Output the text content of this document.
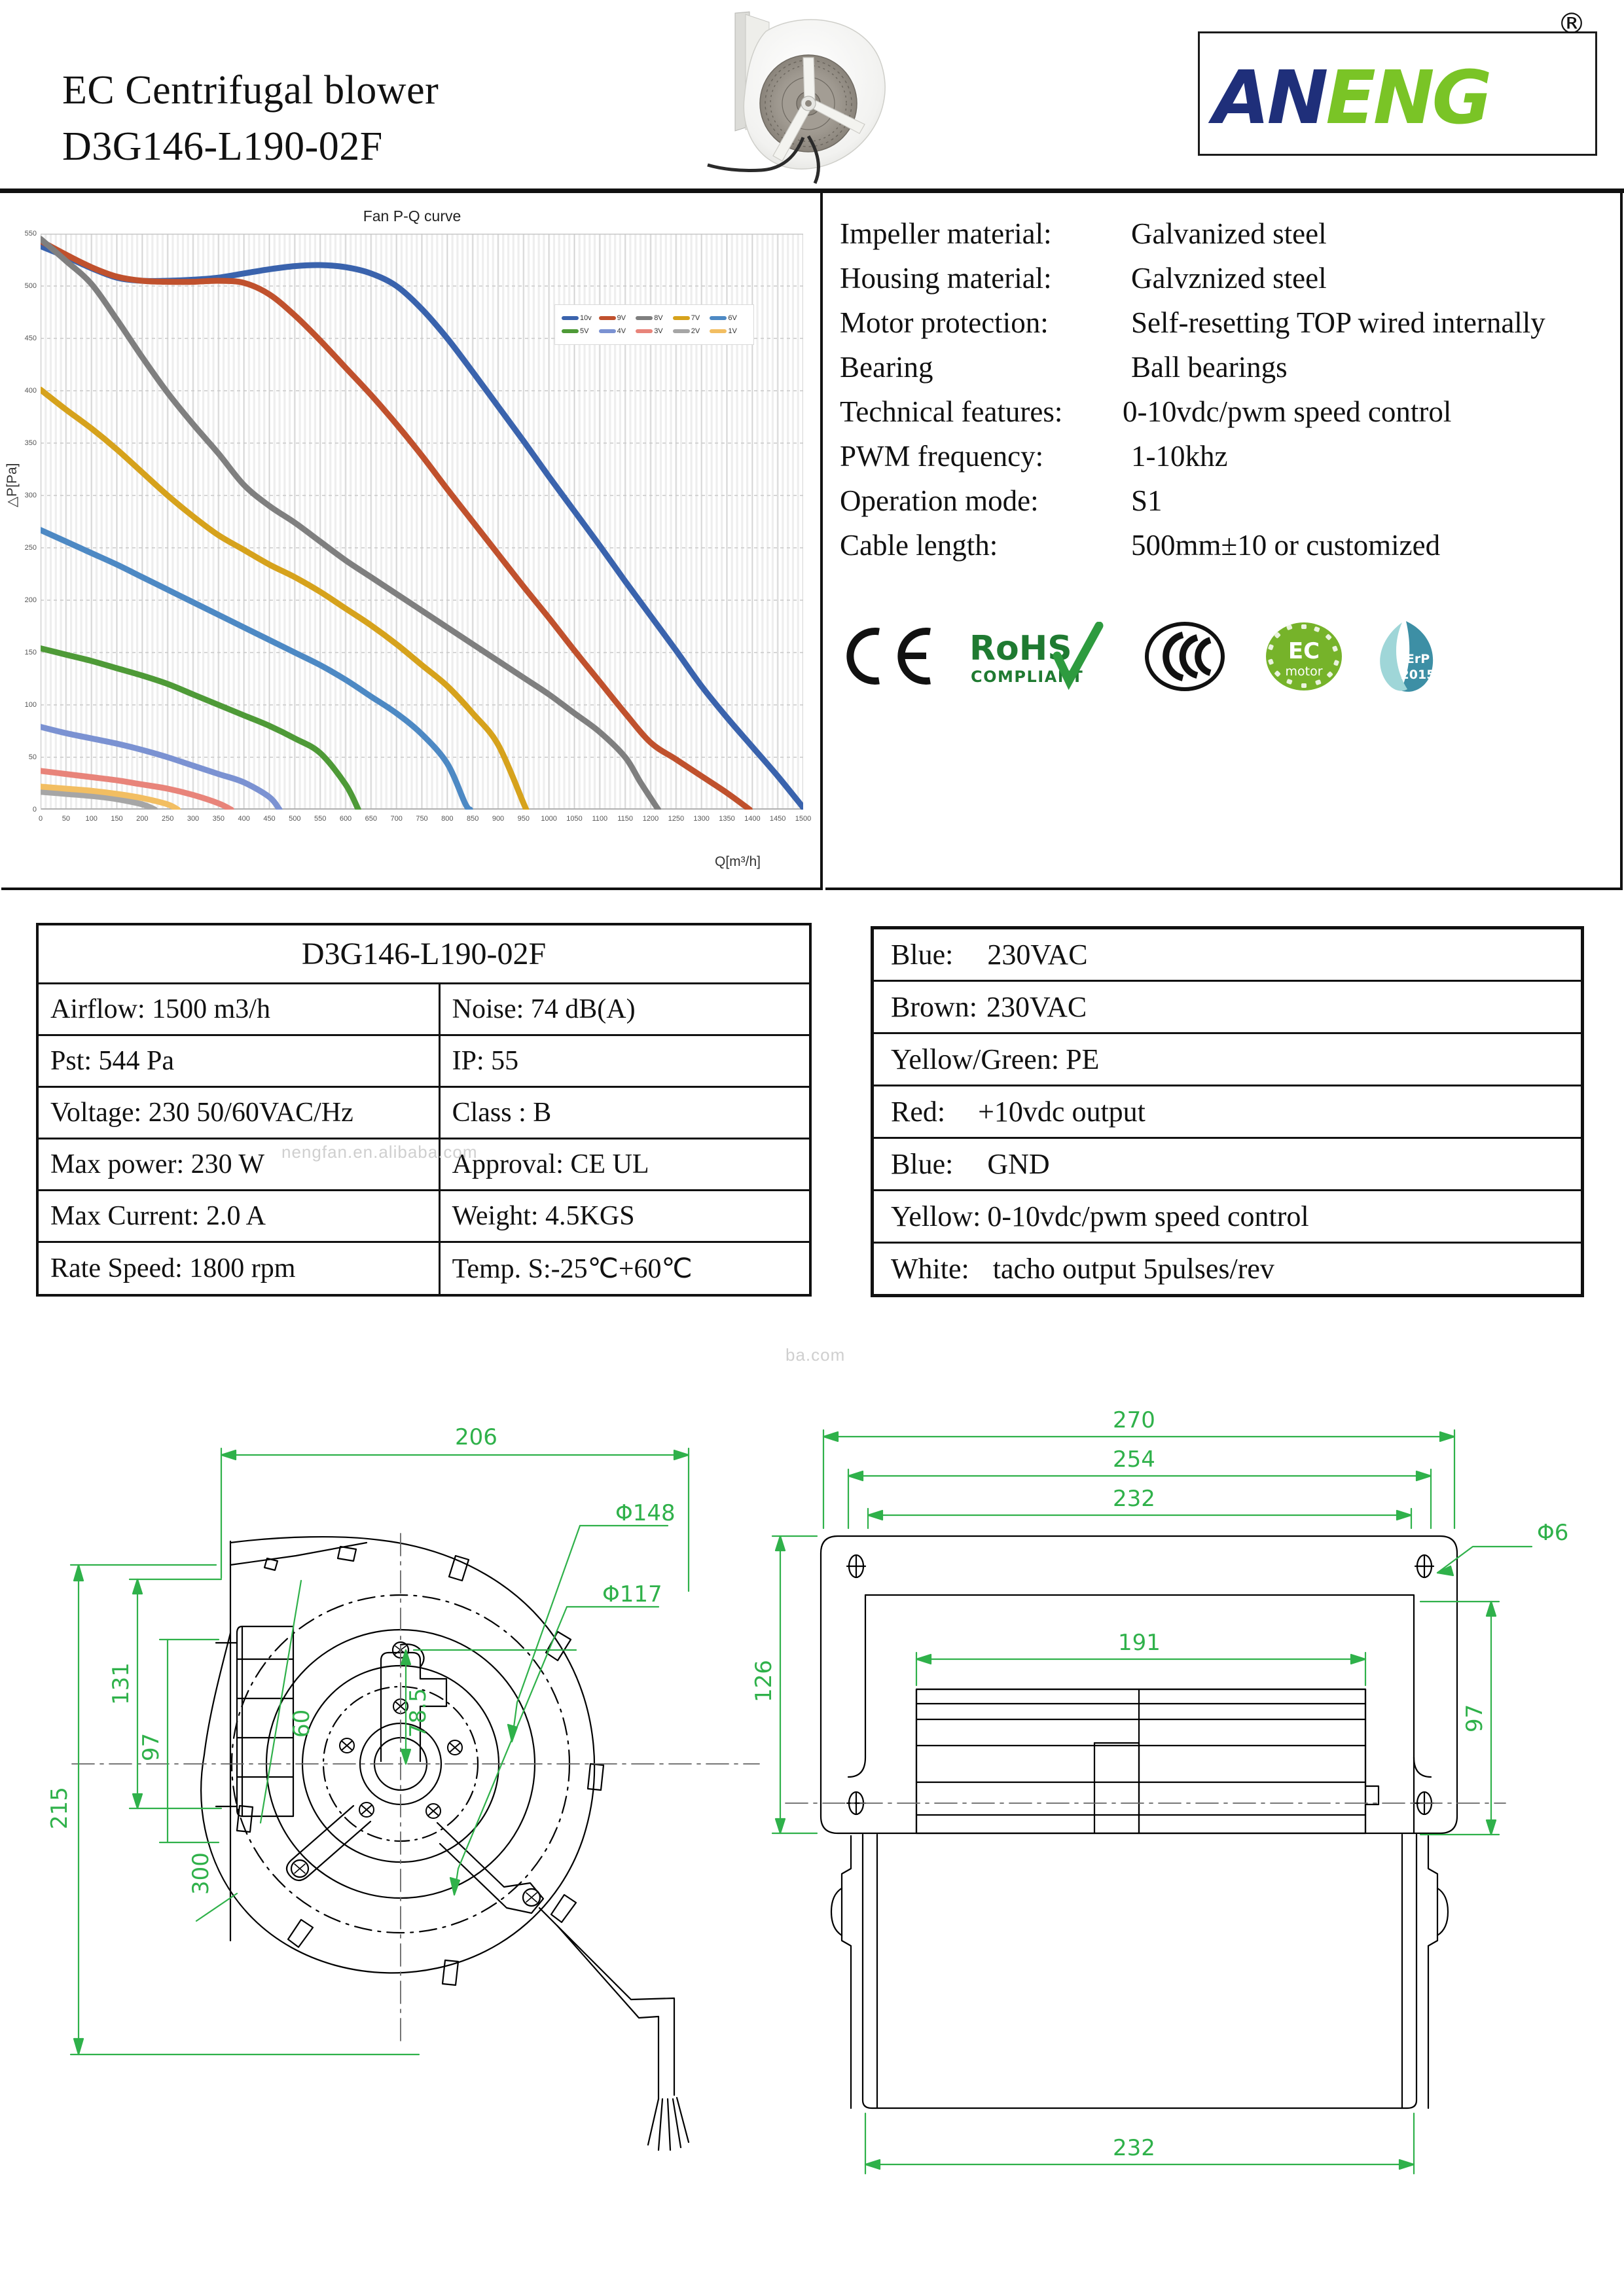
EC Centrifugal blower
D3G146-L190-02F
ANENG
®
Fan P-Q curve
△P[Pa]
Q[m³/h]
0	50 100 150 200 250 300 350 400 450 500 550 600 650 700 750 800 850 900 950 1000 1050 1100 1150 1200 1250 1300 1350 1400 1450 1500
0
50
100
150
200
250
300
350
400
450
500
550
10v	9V	8V	7V	6V
5V	4V	3V	2V	1V
Impeller material:	Galvanized steel
Housing material:	Galvznized steel
Motor protection:	Self-resetting TOP wired internally
Bearing	Ball bearings
Technical features:	0-10vdc/pwm speed control
PWM frequency:	1-10khz
Operation mode:	S1
Cable length:	500mm±10 or customized
RoHS
COMPLIANT
EC
motor
ErP
2015
D3G146-L190-02F	
Airflow: 1500 m3/h	Noise: 74 dB(A)
Pst: 544 Pa	IP: 55
Voltage: 230 50/60VAC/Hz	Class : B
Max power: 230 W	Approval: CE UL
Max Current: 2.0 A	Weight: 4.5KGS
Rate Speed: 1800 rpm	Temp. S:-25℃+60℃
Blue: 230VAC
Brown: 230VAC
Yellow/Green: PE
Red: +10vdc output
Blue: GND
Yellow: 0-10vdc/pwm speed control
White: tacho output 5pulses/rev
nengfan.en.alibaba.com
ba.com
206
Φ148
Φ117
131
97
60	78.5
300
215
270
254
232
Φ6
191
97
126
232
